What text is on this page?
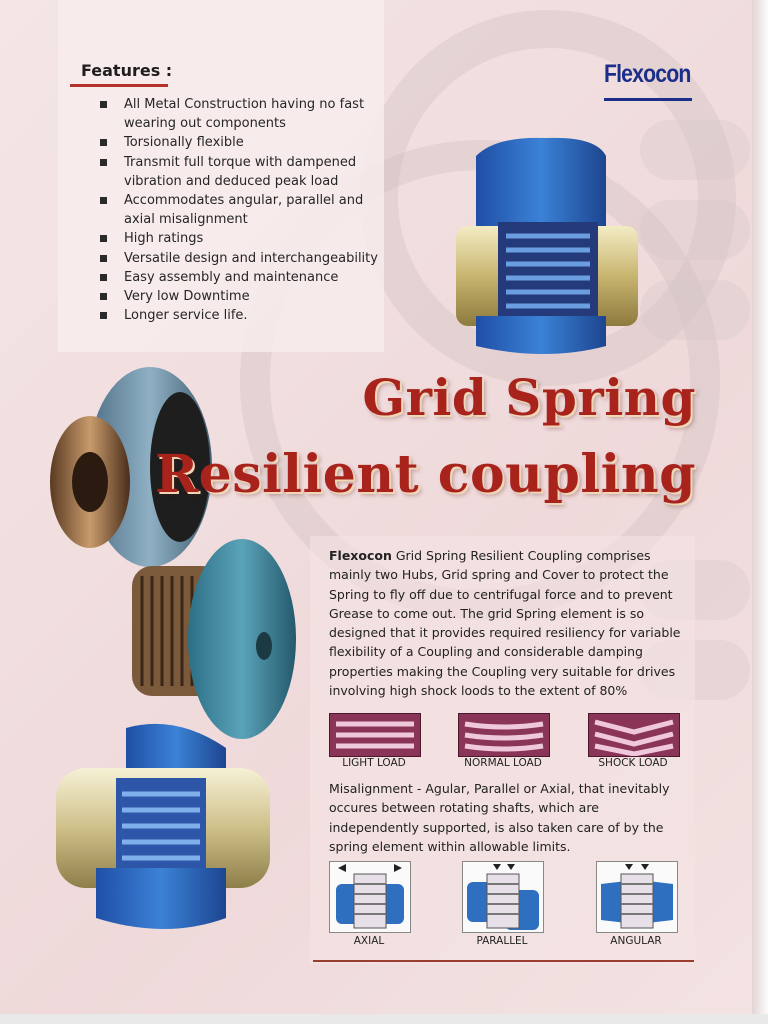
Features :
All Metal Construction having no fast wearing out components
Torsionally flexible
Transmit full torque with dampened vibration and deduced peak load
Accommodates angular, parallel and axial misalignment
High ratings
Versatile design and interchangeability
Easy assembly and maintenance
Very low Downtime
Longer service life.
Flexocon
Grid Spring
Resilient coupling

Flexocon Grid Spring Resilient Coupling comprises mainly two Hubs, Grid spring and Cover to protect the Spring to fly off due to centrifugal force and to prevent Grease to come out. The grid Spring element is so designed that it provides required resiliency for variable flexibility of a Coupling and considerable damping properties making the Coupling very suitable for drives involving high shock loods to the extent of 80%

LIGHT LOAD	NORMAL LOAD	SHOCK LOAD

Misalignment - Agular, Parallel or Axial, that inevitably occures between rotating shafts, which are independently supported, is also taken care of by the spring element within allowable limits.

AXIAL	PARALLEL	ANGULAR
